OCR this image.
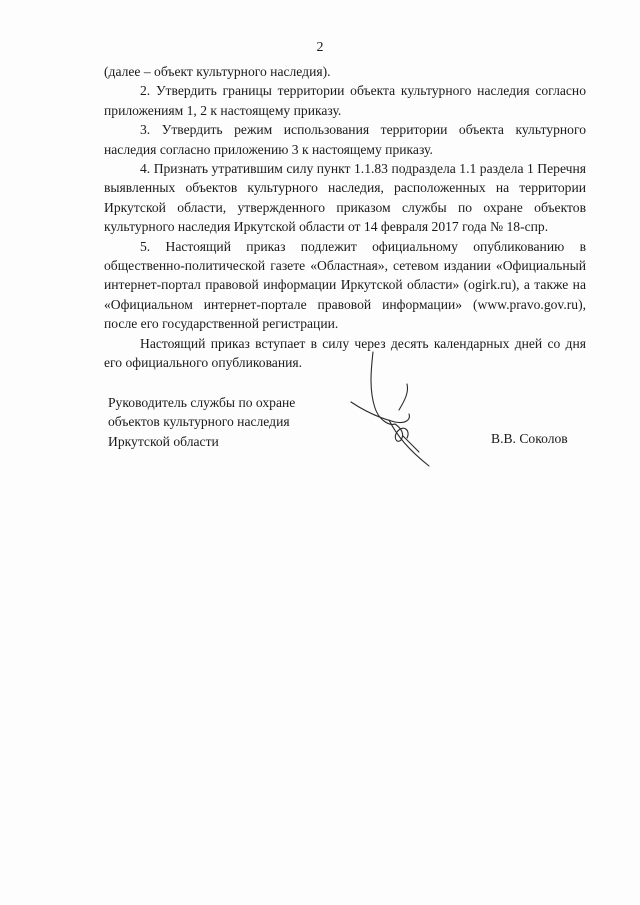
2

(далее – объект культурного наследия).

2. Утвердить границы территории объекта культурного наследия согласно приложениям 1, 2 к настоящему приказу.

3. Утвердить режим использования территории объекта культурного наследия согласно приложению 3 к настоящему приказу.

4. Признать утратившим силу пункт 1.1.83 подраздела 1.1 раздела 1 Перечня выявленных объектов культурного наследия, расположенных на территории Иркутской области, утвержденного приказом службы по охране объектов культурного наследия Иркутской области от 14 февраля 2017 года № 18-спр.

5. Настоящий приказ подлежит официальному опубликованию в общественно-политической газете «Областная», сетевом издании «Официальный интернет-портал правовой информации Иркутской области» (ogirk.ru), а также на «Официальном интернет-портале правовой информации» (www.pravo.gov.ru), после его государственной регистрации.

Настоящий приказ вступает в силу через десять календарных дней со дня его официального опубликования.

Руководитель службы по охране
объектов культурного наследия
Иркутской области	В.В. Соколов
